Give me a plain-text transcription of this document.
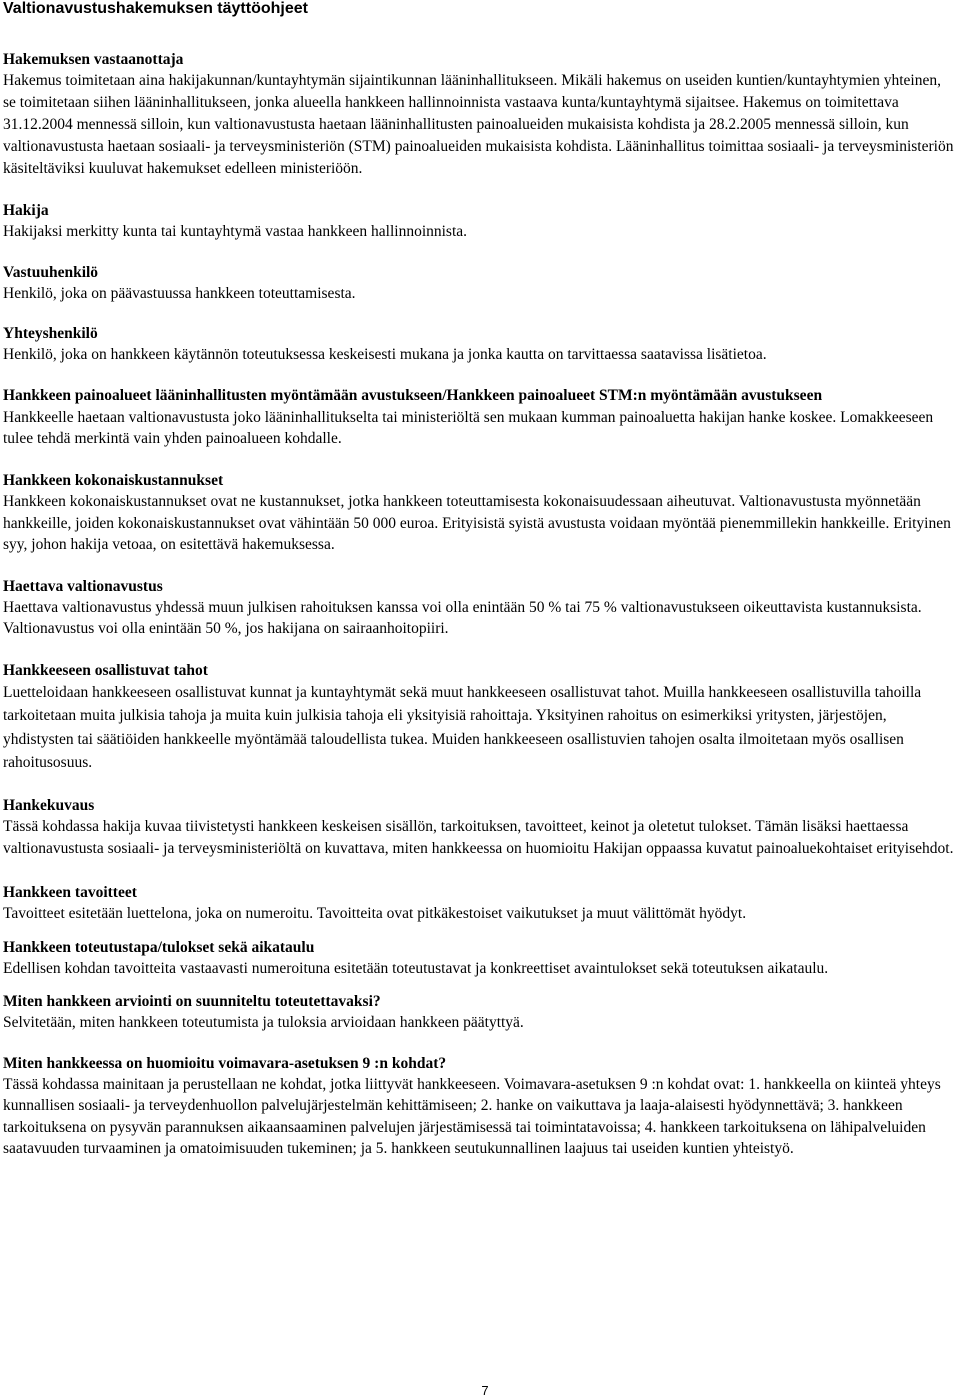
Valtionavustushakemuksen täyttöohjeet
Hakemuksen vastaanottaja

Hakemus toimitetaan aina hakijakunnan/kuntayhtymän sijaintikunnan lääninhallitukseen. Mikäli hakemus on useiden kuntien/kuntayhtymien yhteinen, se toimitetaan siihen lääninhallitukseen, jonka alueella hankkeen hallinnoinnista vastaava kunta/kuntayhtymä sijaitsee. Hakemus on toimitettava 31.12.2004 mennessä silloin, kun valtionavustusta haetaan lääninhallitusten painoalueiden mukaisista kohdista ja 28.2.2005 mennessä silloin, kun valtionavustusta haetaan sosiaali- ja terveysministeriön (STM) painoalueiden mukaisista kohdista. Lääninhallitus toimittaa sosiaali- ja terveysministeriön käsiteltäviksi kuuluvat hakemukset edelleen ministeriöön.

Hakija

Hakijaksi merkitty kunta tai kuntayhtymä vastaa hankkeen hallinnoinnista.

Vastuuhenkilö

Henkilö, joka on päävastuussa hankkeen toteuttamisesta.

Yhteyshenkilö

Henkilö, joka on hankkeen käytännön toteutuksessa keskeisesti mukana ja jonka kautta on tarvittaessa saatavissa lisätietoa.

Hankkeen painoalueet lääninhallitusten myöntämään avustukseen/Hankkeen painoalueet STM:n myöntämään avustukseen

Hankkeelle haetaan valtionavustusta joko lääninhallitukselta tai ministeriöltä sen mukaan kumman painoaluetta hakijan hanke koskee. Lomakkeeseen tulee tehdä merkintä vain yhden painoalueen kohdalle.

Hankkeen kokonaiskustannukset

Hankkeen kokonaiskustannukset ovat ne kustannukset, jotka hankkeen toteuttamisesta kokonaisuudessaan aiheutuvat. Valtionavustusta myönnetään hankkeille, joiden kokonaiskustannukset ovat vähintään 50 000 euroa. Erityisistä syistä avustusta voidaan myöntää pienemmillekin hankkeille. Erityinen syy, johon hakija vetoaa, on esitettävä hakemuksessa.

Haettava valtionavustus

Haettava valtionavustus yhdessä muun julkisen rahoituksen kanssa voi olla enintään 50 % tai 75 % valtionavustukseen oikeuttavista kustannuksista. Valtionavustus voi olla enintään 50 %, jos hakijana on sairaanhoitopiiri.

Hankkeeseen osallistuvat tahot

Luetteloidaan hankkeeseen osallistuvat kunnat ja kuntayhtymät sekä muut hankkeeseen osallistuvat tahot. Muilla hankkeeseen osallistuvilla tahoilla tarkoitetaan muita julkisia tahoja ja muita kuin julkisia tahoja eli yksityisiä rahoittaja. Yksityinen rahoitus on esimerkiksi yritysten, järjestöjen, yhdistysten tai säätiöiden hankkeelle myöntämää taloudellista tukea. Muiden hankkeeseen osallistuvien tahojen osalta ilmoitetaan myös osallisen rahoitusosuus.

Hankekuvaus

Tässä kohdassa hakija kuvaa tiivistetysti hankkeen keskeisen sisällön, tarkoituksen, tavoitteet, keinot ja oletetut tulokset. Tämän lisäksi haettaessa valtionavustusta sosiaali- ja terveysministeriöltä on kuvattava, miten hankkeessa on huomioitu Hakijan oppaassa kuvatut painoaluekohtaiset erityisehdot.

Hankkeen tavoitteet

Tavoitteet esitetään luettelona, joka on numeroitu. Tavoitteita ovat pitkäkestoiset vaikutukset ja muut välittömät hyödyt.

Hankkeen toteutustapa/tulokset sekä aikataulu

Edellisen kohdan tavoitteita vastaavasti numeroituna esitetään toteutustavat ja konkreettiset avaintulokset sekä toteutuksen aikataulu.

Miten hankkeen arviointi on suunniteltu toteutettavaksi?

Selvitetään, miten hankkeen toteutumista ja tuloksia arvioidaan hankkeen päätyttyä.

Miten hankkeessa on huomioitu voimavara-asetuksen 9 :n kohdat?

Tässä kohdassa mainitaan ja perustellaan ne kohdat, jotka liittyvät hankkeeseen. Voimavara-asetuksen 9 :n kohdat ovat: 1. hankkeella on kiinteä yhteys kunnallisen sosiaali- ja terveydenhuollon palvelujärjestelmän kehittämiseen; 2. hanke on vaikuttava ja laaja-alaisesti hyödynnettävä; 3. hankkeen tarkoituksena on pysyvän parannuksen aikaansaaminen palvelujen järjestämisessä tai toimintatavoissa; 4. hankkeen tarkoituksena on lähipalveluiden saatavuuden turvaaminen ja omatoimisuuden tukeminen; ja 5. hankkeen seutukunnallinen laajuus tai useiden kuntien yhteistyö.

7
